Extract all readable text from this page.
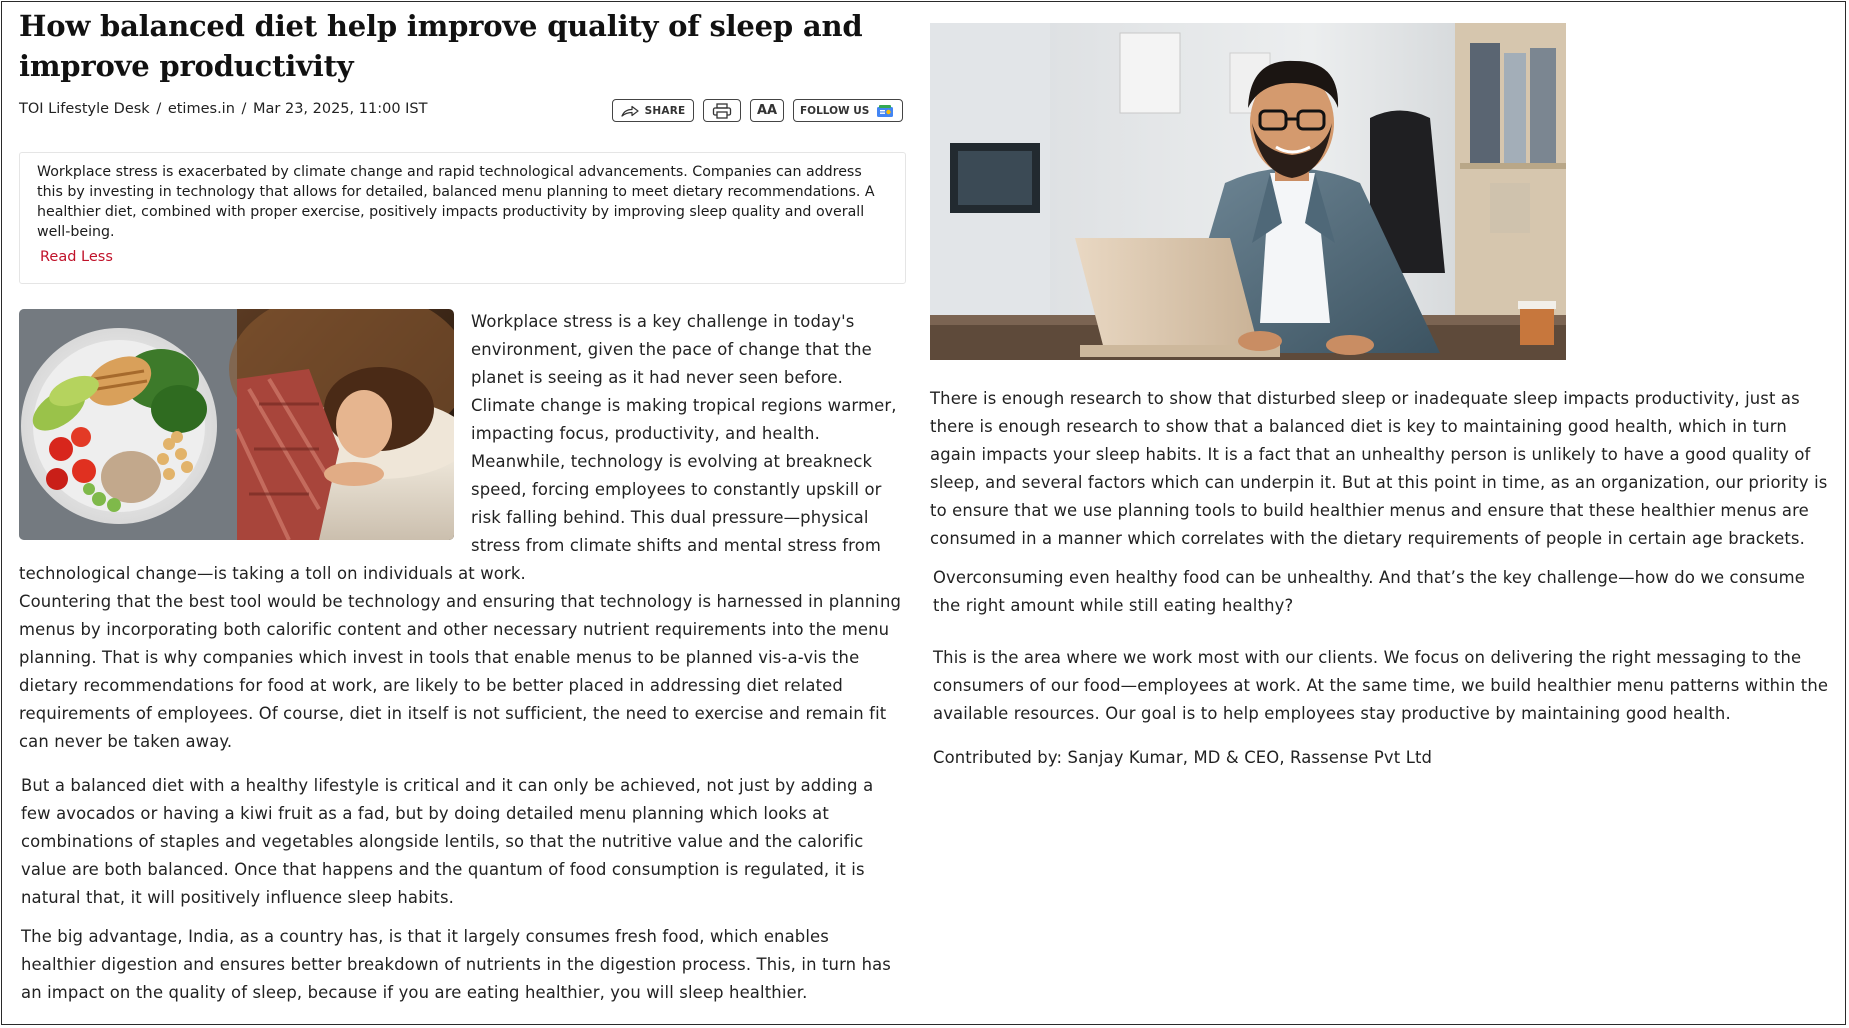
How balanced diet help improve quality of sleep and improve productivity
TOI Lifestyle Desk / etimes.in / Mar 23, 2025, 11:00 IST	SHARE	AA	FOLLOW US

Workplace stress is exacerbated by climate change and rapid technological advancements. Companies can address this by investing in technology that allows for detailed, balanced menu planning to meet dietary recommendations. A healthier diet, combined with proper exercise, positively impacts productivity by improving sleep quality and overall well-being.

Read Less

Workplace stress is a key challenge in today's environment, given the pace of change that the planet is seeing as it had never seen before. Climate change is making tropical regions warmer, impacting focus, productivity, and health. Meanwhile, technology is evolving at breakneck speed, forcing employees to constantly upskill or risk falling behind. This dual pressure—physical stress from climate shifts and mental stress from technological change—is taking a toll on individuals at work.

Countering that the best tool would be technology and ensuring that technology is harnessed in planning menus by incorporating both calorific content and other necessary nutrient requirements into the menu planning. That is why companies which invest in tools that enable menus to be planned vis-a-vis the dietary recommendations for food at work, are likely to be better placed in addressing diet related requirements of employees. Of course, diet in itself is not sufficient, the need to exercise and remain fit can never be taken away.

But a balanced diet with a healthy lifestyle is critical and it can only be achieved, not just by adding a few avocados or having a kiwi fruit as a fad, but by doing detailed menu planning which looks at combinations of staples and vegetables alongside lentils, so that the nutritive value and the calorific value are both balanced. Once that happens and the quantum of food consumption is regulated, it is natural that, it will positively influence sleep habits.

The big advantage, India, as a country has, is that it largely consumes fresh food, which enables healthier digestion and ensures better breakdown of nutrients in the digestion process. This, in turn has an impact on the quality of sleep, because if you are eating healthier, you will sleep healthier.

There is enough research to show that disturbed sleep or inadequate sleep impacts productivity, just as there is enough research to show that a balanced diet is key to maintaining good health, which in turn again impacts your sleep habits. It is a fact that an unhealthy person is unlikely to have a good quality of sleep, and several factors which can underpin it. But at this point in time, as an organization, our priority is to ensure that we use planning tools to build healthier menus and ensure that these healthier menus are consumed in a manner which correlates with the dietary requirements of people in certain age brackets.

Overconsuming even healthy food can be unhealthy. And that’s the key challenge—how do we consume the right amount while still eating healthy?

This is the area where we work most with our clients. We focus on delivering the right messaging to the consumers of our food—employees at work. At the same time, we build healthier menu patterns within the available resources. Our goal is to help employees stay productive by maintaining good health.

Contributed by: Sanjay Kumar, MD & CEO, Rassense Pvt Ltd
